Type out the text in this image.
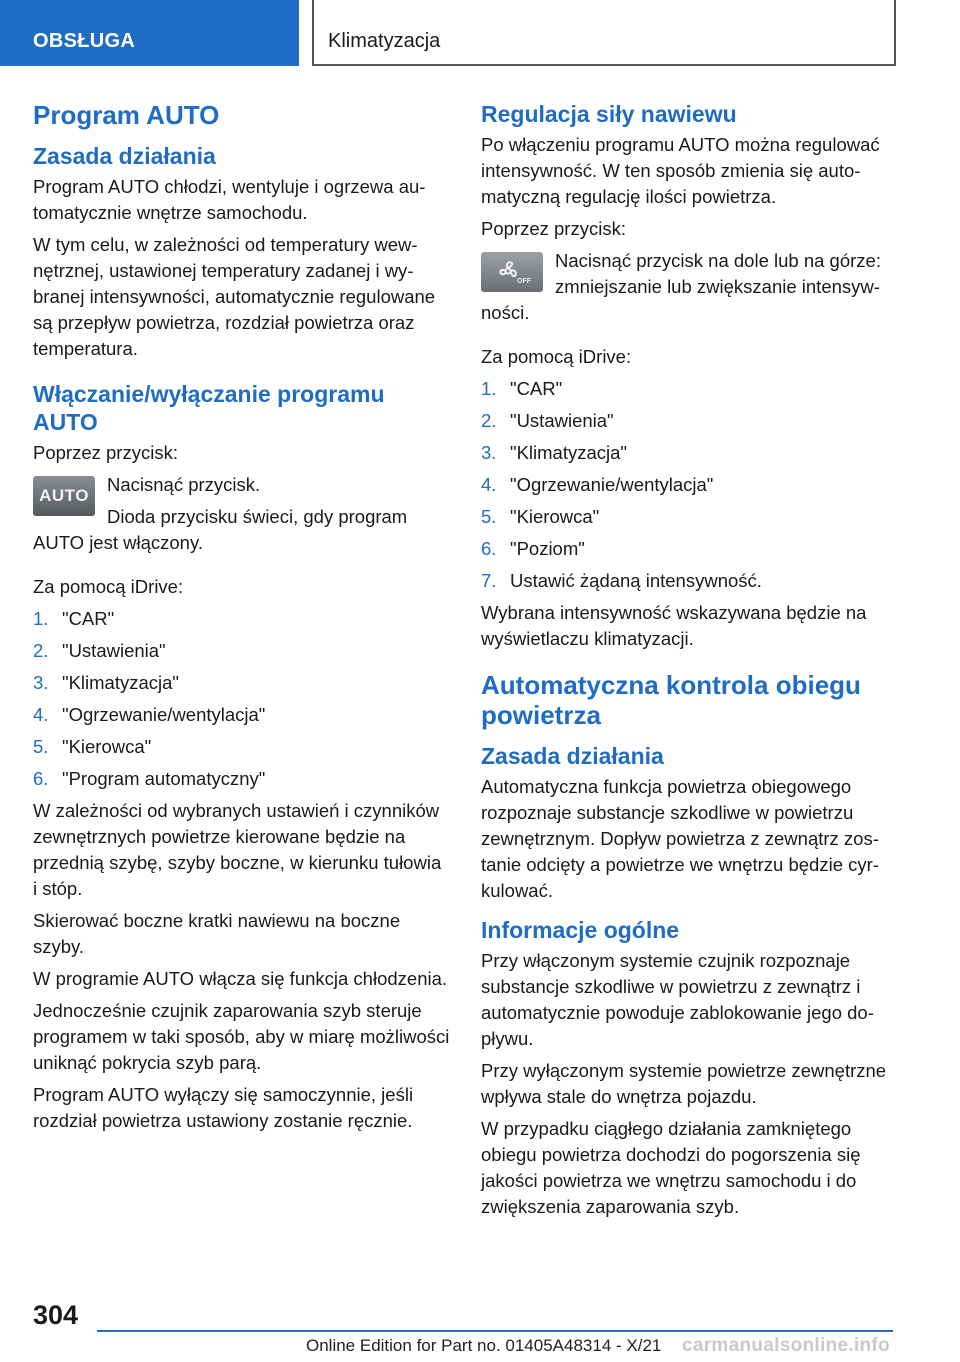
OBSŁUGA	Klimatyzacja
Program AUTO
Zasada działania

Program AUTO chłodzi, wentyluje i ogrzewa automatycznie wnętrze samochodu.

W tym celu, w zależności od temperatury wewnętrznej, ustawionej temperatury zadanej i wybranej intensywności, automatycznie regulowane są przepływ powietrza, rozdział powietrza oraz temperatura.

Włączanie/wyłączanie programu AUTO

Poprzez przycisk:

AUTO

Nacisnąć przycisk.

Dioda przycisku świeci, gdy program AUTO jest włączony.

Za pomocą iDrive:

1. "CAR"
2. "Ustawienia"
3. "Klimatyzacja"
4. "Ogrzewanie/wentylacja"
5. "Kierowca"
6. "Program automatyczny"

W zależności od wybranych ustawień i czynników zewnętrznych powietrze kierowane będzie na przednią szybę, szyby boczne, w kierunku tułowia i stóp.

Skierować boczne kratki nawiewu na boczne szyby.

W programie AUTO włącza się funkcja chłodzenia.

Jednocześnie czujnik zaparowania szyb steruje programem w taki sposób, aby w miarę możliwości uniknąć pokrycia szyb parą.

Program AUTO wyłączy się samoczynnie, jeśli rozdział powietrza ustawiony zostanie ręcznie.

Regulacja siły nawiewu

Po włączeniu programu AUTO można regulować intensywność. W ten sposób zmienia się automatyczną regulację ilości powietrza.

Poprzez przycisk:

OFF

Nacisnąć przycisk na dole lub na górze: zmniejszanie lub zwiększanie intensywności.

Za pomocą iDrive:

1. "CAR"
2. "Ustawienia"
3. "Klimatyzacja"
4. "Ogrzewanie/wentylacja"
5. "Kierowca"
6. "Poziom"
7. Ustawić żądaną intensywność.

Wybrana intensywność wskazywana będzie na wyświetlaczu klimatyzacji.

Automatyczna kontrola obiegu powietrza
Zasada działania

Automatyczna funkcja powietrza obiegowego rozpoznaje substancje szkodliwe w powietrzu zewnętrznym. Dopływ powietrza z zewnątrz zostanie odcięty a powietrze we wnętrzu będzie cyrkulować.

Informacje ogólne

Przy włączonym systemie czujnik rozpoznaje substancje szkodliwe w powietrzu z zewnątrz i automatycznie powoduje zablokowanie jego dopływu.

Przy wyłączonym systemie powietrze zewnętrzne wpływa stale do wnętrza pojazdu.

W przypadku ciągłego działania zamkniętego obiegu powietrza dochodzi do pogorszenia się jakości powietrza we wnętrzu samochodu i do zwiększenia zaparowania szyb.

304
Online Edition for Part no. 01405A48314 - X/21 carmanualsonline.info
